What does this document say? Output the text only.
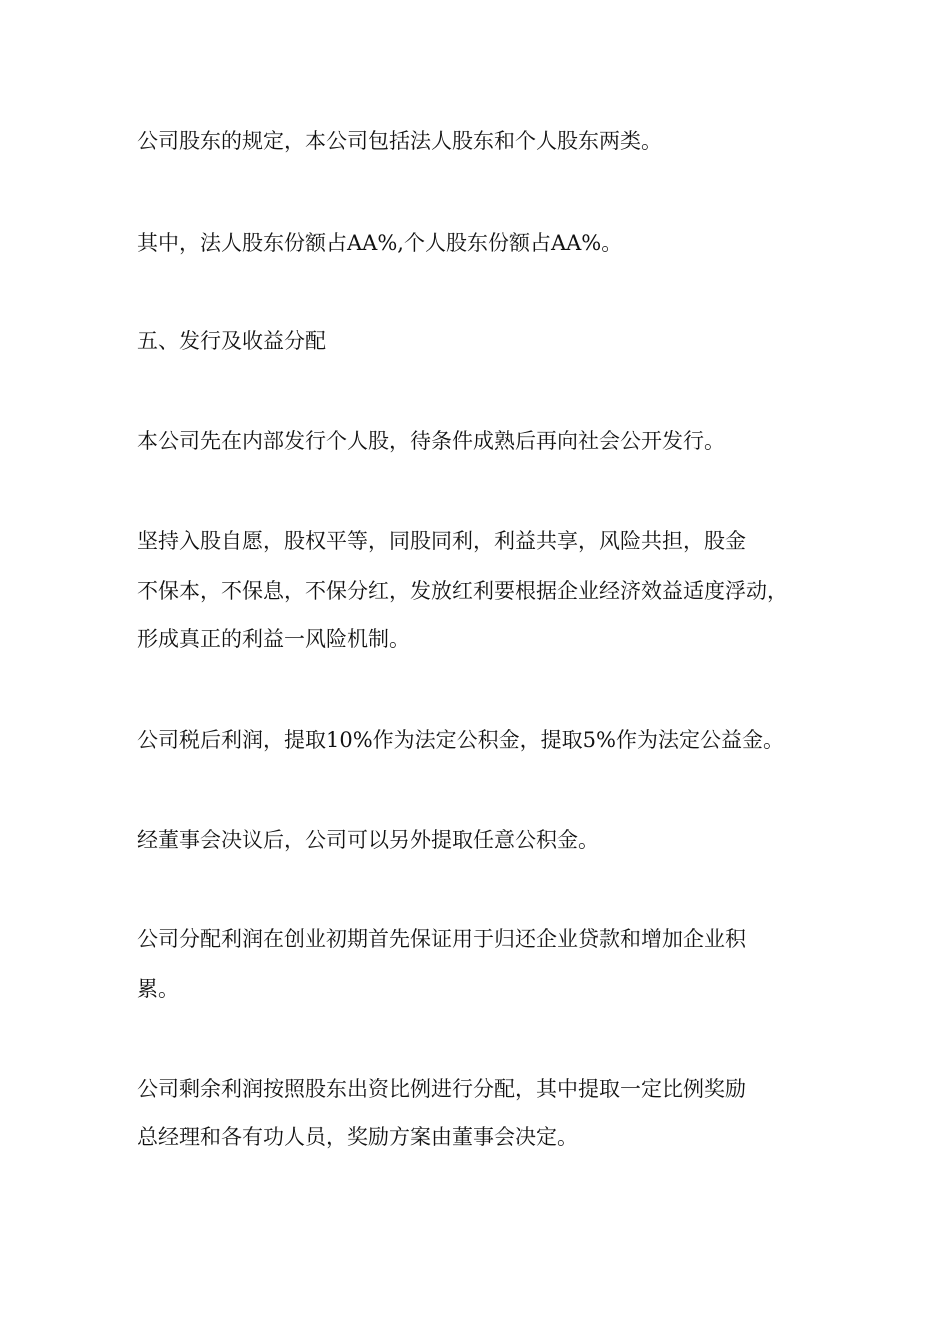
公司股东的规定，本公司包括法人股东和个人股东两类。
其中，法人股东份额占AA%,个人股东份额占AA%。
五、发行及收益分配
本公司先在内部发行个人股，待条件成熟后再向社会公开发行。
坚持入股自愿，股权平等，同股同利，利益共享，风险共担，股金
不保本，不保息，不保分红，发放红利要根据企业经济效益适度浮动，
形成真正的利益一风险机制。
公司税后利润，提取10%作为法定公积金，提取5%作为法定公益金。
经董事会决议后，公司可以另外提取任意公积金。
公司分配利润在创业初期首先保证用于归还企业贷款和增加企业积
累。
公司剩余利润按照股东出资比例进行分配，其中提取一定比例奖励
总经理和各有功人员，奖励方案由董事会决定。
